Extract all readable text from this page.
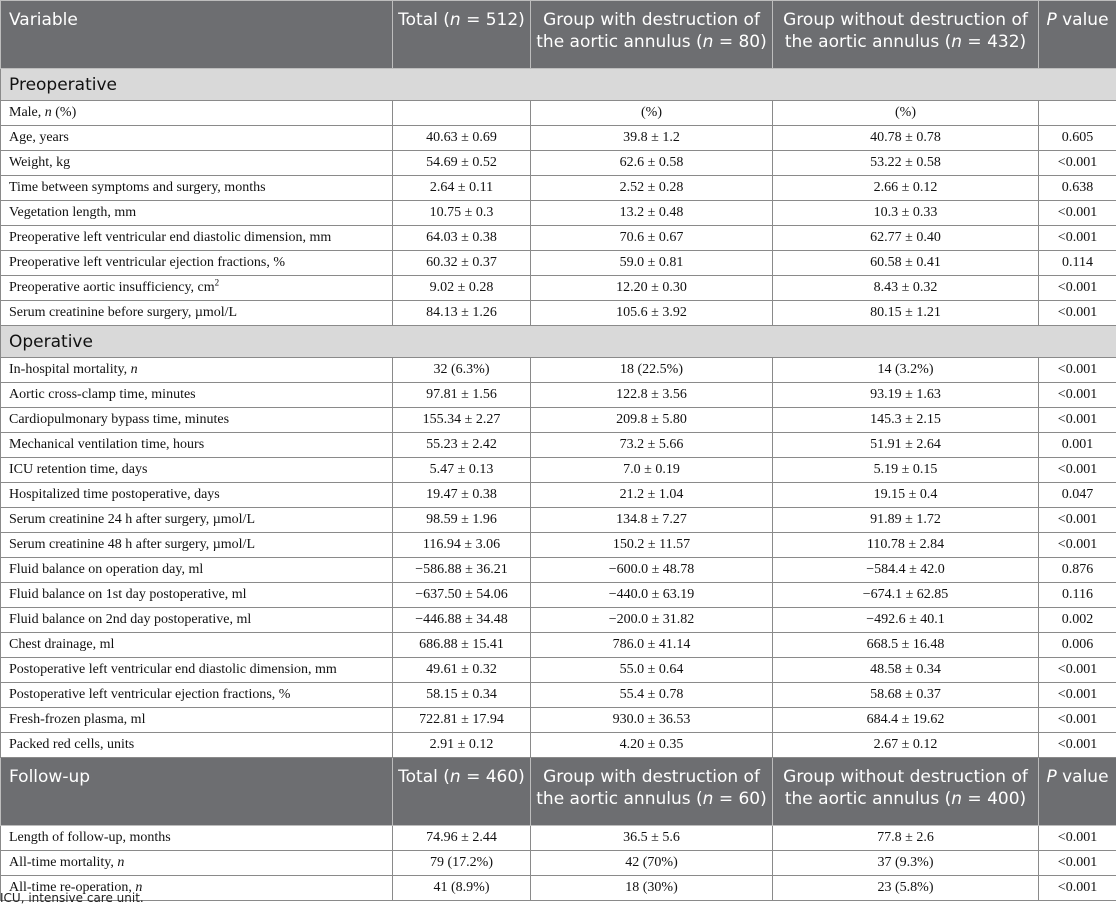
Variable	Total (n = 512)	Group with destruction of
the aortic annulus (n = 80)	Group without destruction of
the aortic annulus (n = 432)	P value
Preoperative				
Male, n (%)		(%)	(%)	
Age, years	40.63 ± 0.69	39.8 ± 1.2	40.78 ± 0.78	0.605
Weight, kg	54.69 ± 0.52	62.6 ± 0.58	53.22 ± 0.58	<0.001
Time between symptoms and surgery, months	2.64 ± 0.11	2.52 ± 0.28	2.66 ± 0.12	0.638
Vegetation length, mm	10.75 ± 0.3	13.2 ± 0.48	10.3 ± 0.33	<0.001
Preoperative left ventricular end diastolic dimension, mm	64.03 ± 0.38	70.6 ± 0.67	62.77 ± 0.40	<0.001
Preoperative left ventricular ejection fractions, %	60.32 ± 0.37	59.0 ± 0.81	60.58 ± 0.41	0.114
Preoperative aortic insufficiency, $cm^2$	9.02 ± 0.28	12.20 ± 0.30	8.43 ± 0.32	<0.001
Serum creatinine before surgery, µmol/L	84.13 ± 1.26	105.6 ± 3.92	80.15 ± 1.21	<0.001
Operative				
In-hospital mortality, n	32 (6.3%)	18 (22.5%)	14 (3.2%)	<0.001
Aortic cross-clamp time, minutes	97.81 ± 1.56	122.8 ± 3.56	93.19 ± 1.63	<0.001
Cardiopulmonary bypass time, minutes	155.34 ± 2.27	209.8 ± 5.80	145.3 ± 2.15	<0.001
Mechanical ventilation time, hours	55.23 ± 2.42	73.2 ± 5.66	51.91 ± 2.64	0.001
ICU retention time, days	5.47 ± 0.13	7.0 ± 0.19	5.19 ± 0.15	<0.001
Hospitalized time postoperative, days	19.47 ± 0.38	21.2 ± 1.04	19.15 ± 0.4	0.047
Serum creatinine 24 h after surgery, µmol/L	98.59 ± 1.96	134.8 ± 7.27	91.89 ± 1.72	<0.001
Serum creatinine 48 h after surgery, µmol/L	116.94 ± 3.06	150.2 ± 11.57	110.78 ± 2.84	<0.001
Fluid balance on operation day, ml	−586.88 ± 36.21	−600.0 ± 48.78	−584.4 ± 42.0	0.876
Fluid balance on 1st day postoperative, ml	−637.50 ± 54.06	−440.0 ± 63.19	−674.1 ± 62.85	0.116
Fluid balance on 2nd day postoperative, ml	−446.88 ± 34.48	−200.0 ± 31.82	−492.6 ± 40.1	0.002
Chest drainage, ml	686.88 ± 15.41	786.0 ± 41.14	668.5 ± 16.48	0.006
Postoperative left ventricular end diastolic dimension, mm	49.61 ± 0.32	55.0 ± 0.64	48.58 ± 0.34	<0.001
Postoperative left ventricular ejection fractions, %	58.15 ± 0.34	55.4 ± 0.78	58.68 ± 0.37	<0.001
Fresh-frozen plasma, ml	722.81 ± 17.94	930.0 ± 36.53	684.4 ± 19.62	<0.001
Packed red cells, units	2.91 ± 0.12	4.20 ± 0.35	2.67 ± 0.12	<0.001
Follow-up	Total (n = 460)	Group with destruction of
the aortic annulus (n = 60)	Group without destruction of
the aortic annulus (n = 400)	P value
Length of follow-up, months	74.96 ± 2.44	36.5 ± 5.6	77.8 ± 2.6	<0.001
All-time mortality, n	79 (17.2%)	42 (70%)	37 (9.3%)	<0.001
All-time re-operation, n	41 (8.9%)	18 (30%)	23 (5.8%)	<0.001
ICU, intensive care unit.
